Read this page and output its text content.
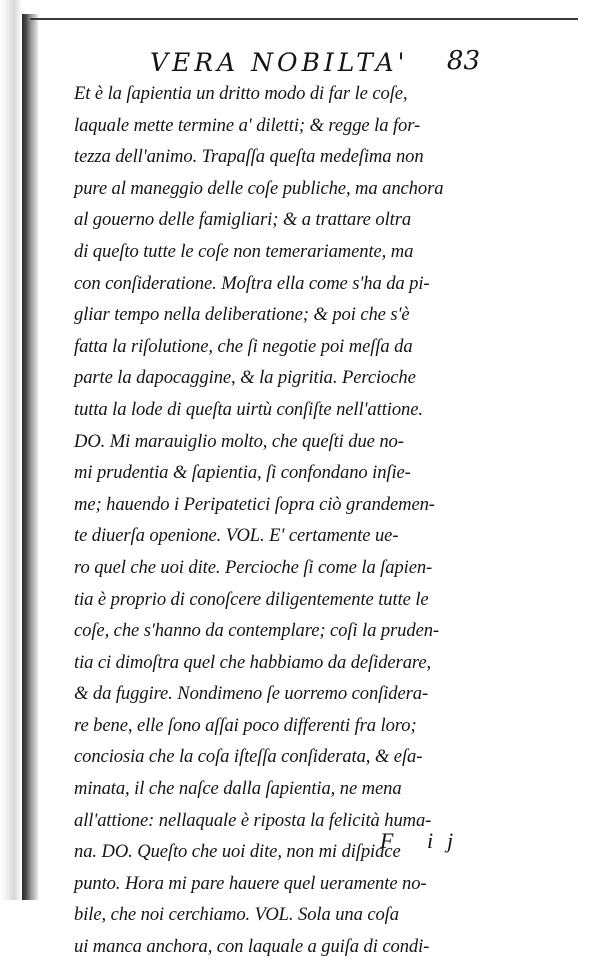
VERA NOBILTA' 83
Et è la ſapientia un dritto modo di far le coſe,
laquale mette termine a' diletti; & regge la for-
tezza dell'animo. Trapaſſa queſta medeſima non
pure al maneggio delle coſe publiche, ma anchora
al gouerno delle famigliari; & a trattare oltra
di queſto tutte le coſe non temerariamente, ma
con conſideratione. Moſtra ella come s'ha da pi-
gliar tempo nella deliberatione; & poi che s'è
fatta la riſolutione, che ſi negotie poi meſſa da
parte la dapocaggine, & la pigritia. Percioche
tutta la lode di queſta uirtù conſiſte nell'attione.
DO. Mi marauiglio molto, che queſti due no-
mi prudentia & ſapientia, ſi confondano inſie-
me; hauendo i Peripatetici ſopra ciò grandemen-
te diuerſa openione. VOL. E' certamente ue-
ro quel che uoi dite. Percioche ſi come la ſapien-
tia è proprio di conoſcere diligentemente tutte le
coſe, che s'hanno da contemplare; coſi la pruden-
tia ci dimoſtra quel che habbiamo da deſiderare,
& da fuggire. Nondimeno ſe uorremo conſidera-
re bene, elle ſono aſſai poco differenti fra loro;
conciosia che la coſa iſteſſa conſiderata, & eſa-
minata, il che naſce dalla ſapientia, ne mena
all'attione: nellaquale è riposta la felicità huma-
na. DO. Queſto che uoi dite, non mi diſpiace
punto. Hora mi pare hauere quel ueramente no-
bile, che noi cerchiamo. VOL. Sola una coſa
ui manca anchora, con laquale a guiſa di condi-
F ij
